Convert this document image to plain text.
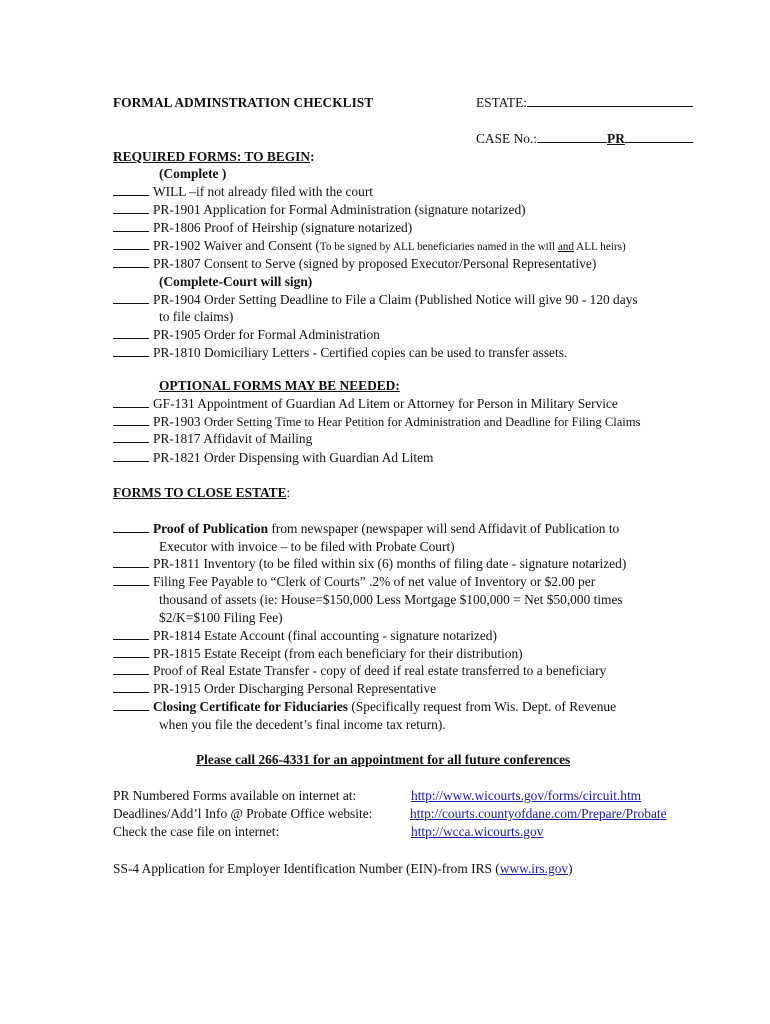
FORMAL ADMINSTRATION CHECKLIST	ESTATE:
CASE No.:	PR
REQUIRED FORMS: TO BEGIN:
(Complete )
WILL –if not already filed with the court
PR-1901 Application for Formal Administration (signature notarized)
PR-1806 Proof of Heirship (signature notarized)
PR-1902 Waiver and Consent (To be signed by ALL beneficiaries named in the will and ALL heirs)
PR-1807 Consent to Serve (signed by proposed Executor/Personal Representative)
(Complete-Court will sign)
PR-1904 Order Setting Deadline to File a Claim (Published Notice will give 90 - 120 days
to file claims)
PR-1905 Order for Formal Administration
PR-1810 Domiciliary Letters - Certified copies can be used to transfer assets.
OPTIONAL FORMS MAY BE NEEDED:
GF-131 Appointment of Guardian Ad Litem or Attorney for Person in Military Service
PR-1903 Order Setting Time to Hear Petition for Administration and Deadline for Filing Claims
PR-1817 Affidavit of Mailing
PR-1821 Order Dispensing with Guardian Ad Litem
FORMS TO CLOSE ESTATE:
Proof of Publication from newspaper (newspaper will send Affidavit of Publication to
Executor with invoice – to be filed with Probate Court)
PR-1811 Inventory (to be filed within six (6) months of filing date - signature notarized)
Filing Fee Payable to “Clerk of Courts” .2% of net value of Inventory or $2.00 per
thousand of assets (ie: House=$150,000 Less Mortgage $100,000 = Net $50,000 times
$2/K=$100 Filing Fee)
PR-1814 Estate Account (final accounting - signature notarized)
PR-1815 Estate Receipt (from each beneficiary for their distribution)
Proof of Real Estate Transfer - copy of deed if real estate transferred to a beneficiary
PR-1915 Order Discharging Personal Representative
Closing Certificate for Fiduciaries (Specifically request from Wis. Dept. of Revenue
when you file the decedent’s final income tax return).
Please call 266-4331 for an appointment for all future conferences
PR Numbered Forms available on internet at:	http://www.wicourts.gov/forms/circuit.htm
Deadlines/Add’l Info @ Probate Office website:	http://courts.countyofdane.com/Prepare/Probate
Check the case file on internet:	http://wcca.wicourts.gov
SS-4 Application for Employer Identification Number (EIN)-from IRS (www.irs.gov)
